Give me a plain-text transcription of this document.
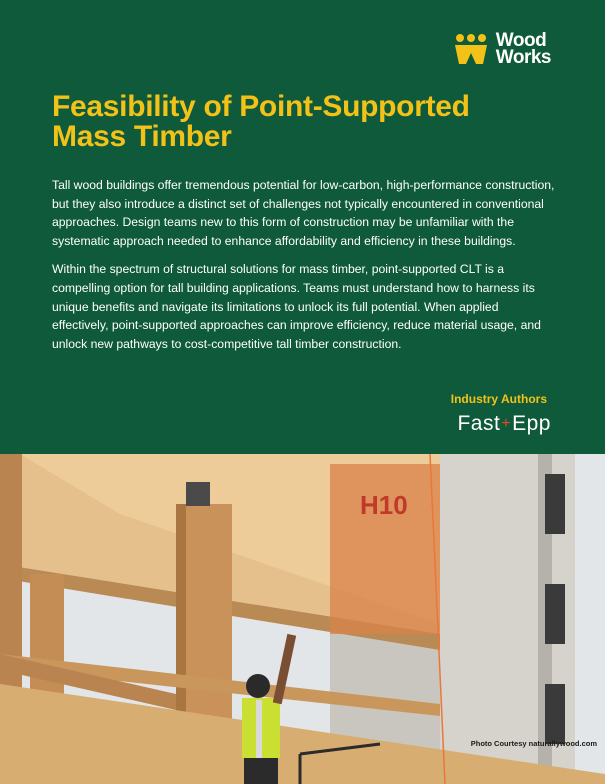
Wood
Works
Feasibility of Point-Supported
Mass Timber

Tall wood buildings offer tremendous potential for low-carbon, high-performance construction, but they also introduce a distinct set of challenges not typically encountered in conventional approaches. Design teams new to this form of construction may be unfamiliar with the systematic approach needed to enhance affordability and efficiency in these buildings.

Within the spectrum of structural solutions for mass timber, point-supported CLT is a compelling option for tall building applications. Teams must understand how to harness its unique benefits and navigate its limitations to unlock its full potential. When applied effectively, point-supported approaches can improve efficiency, reduce material usage, and unlock new pathways to cost-competitive tall timber construction.

Industry Authors
Fast + Epp
H10
Photo Courtesy naturallywood.com
